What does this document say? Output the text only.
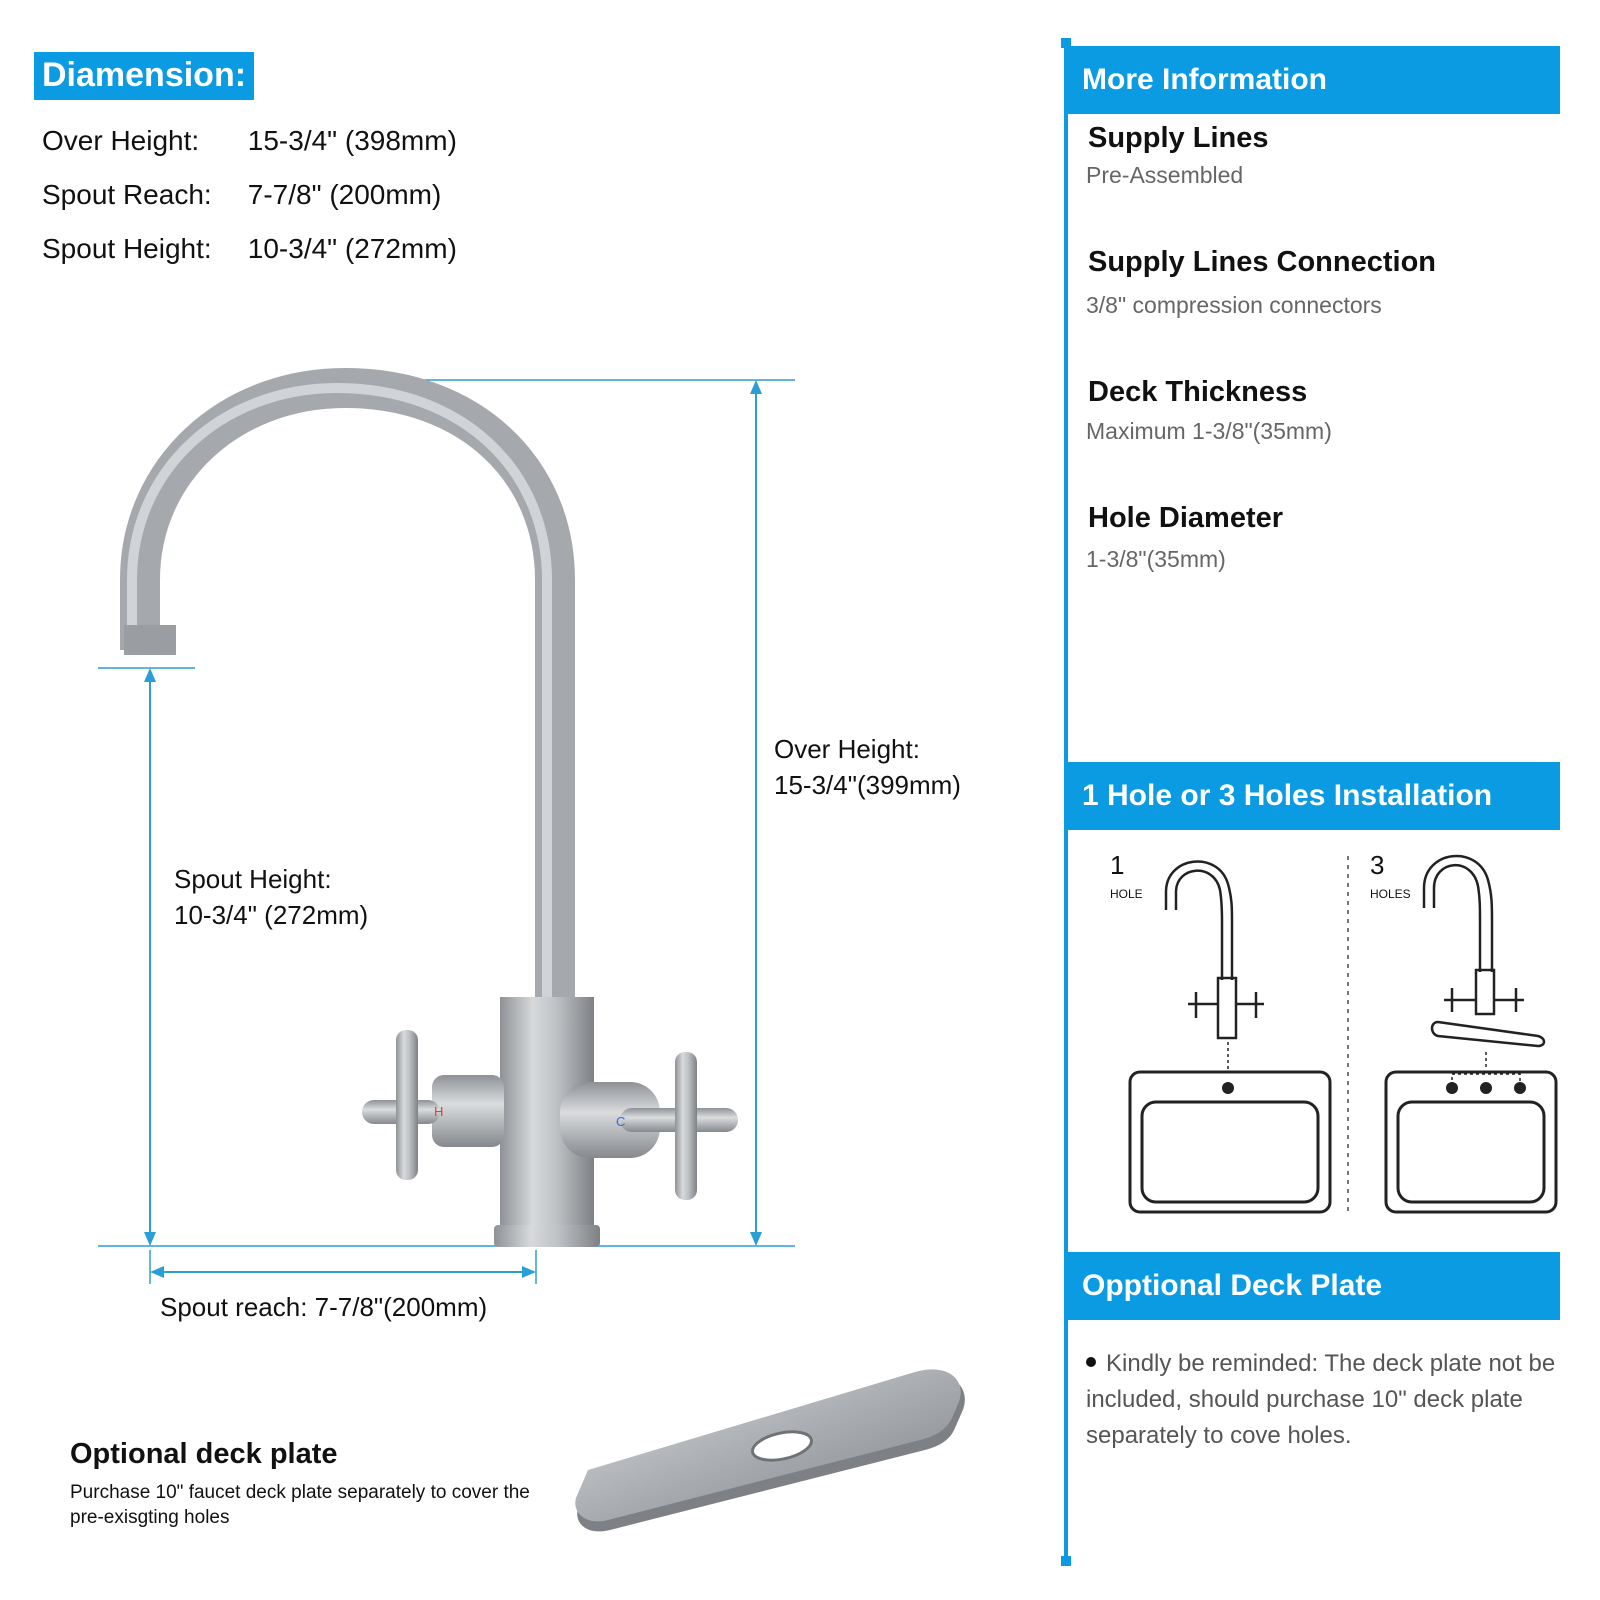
Diamension:
Over Height: 15-3/4" (398mm)
Spout Reach: 7-7/8" (200mm)
Spout Height: 10-3/4" (272mm)
H
C
Over Height:
15-3/4"(399mm)
Spout Height:
10-3/4" (272mm)
Spout reach: 7-7/8"(200mm)
Optional deck plate
Purchase 10" faucet deck plate separately to cover the pre-exisgting holes
More Information
Supply Lines
Pre-Assembled
Supply Lines Connection
3/8" compression connectors
Deck Thickness
Maximum 1-3/8"(35mm)
Hole Diameter
1-3/8"(35mm)
1 Hole or 3 Holes Installation
1
HOLE
3
HOLES
Opptional Deck Plate
Kindly be reminded: The deck plate not be included, should purchase 10" deck plate separately to cove holes.
